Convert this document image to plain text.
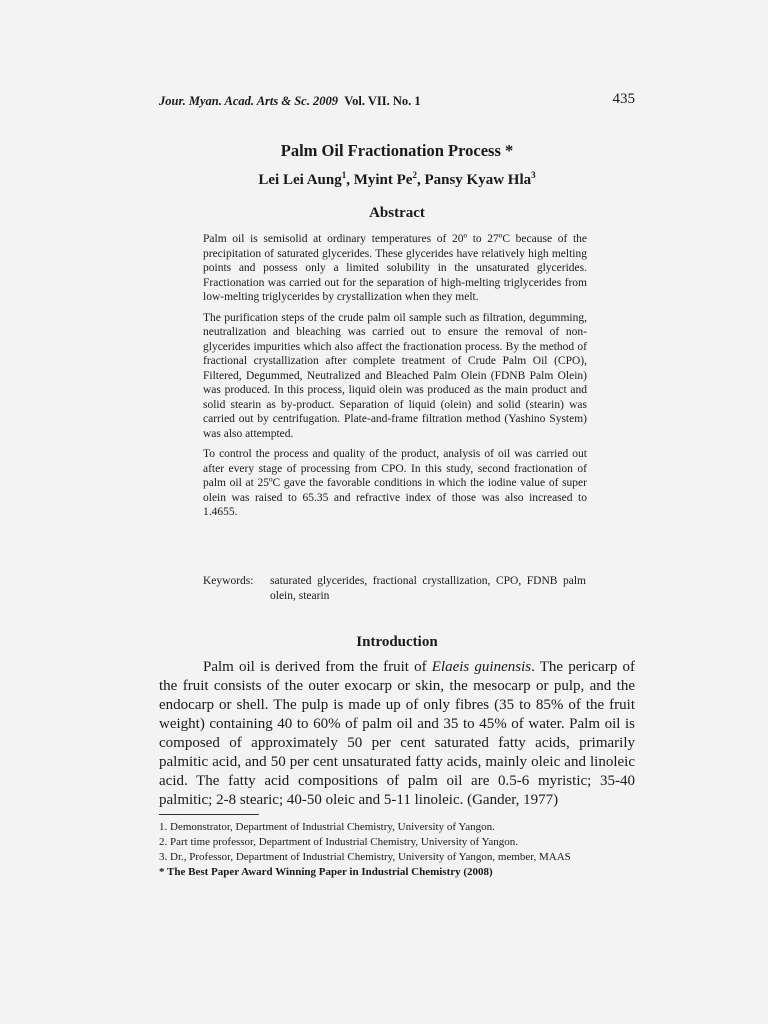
Jour. Myan. Acad. Arts & Sc. 2009 Vol. VII. No. 1	435
Palm Oil Fractionation Process *
Lei Lei Aung$^1$, Myint Pe$^2$, Pansy Kyaw Hla$^3$
Abstract

Palm oil is semisolid at ordinary temperatures of 20º to 27ºC because of the precipitation of saturated glycerides. These glycerides have relatively high melting points and possess only a limited solubility in the unsaturated glycerides. Fractionation was carried out for the separation of high-melting triglycerides from low-melting triglycerides by crystallization when they melt.

The purification steps of the crude palm oil sample such as filtration, degumming, neutralization and bleaching was carried out to ensure the removal of non-glycerides impurities which also affect the fractionation process. By the method of fractional crystallization after complete treatment of Crude Palm Oil (CPO), Filtered, Degummed, Neutralized and Bleached Palm Olein (FDNB Palm Olein) was produced. In this process, liquid olein was produced as the main product and solid stearin as by-product. Separation of liquid (olein) and solid (stearin) was carried out by centrifugation. Plate-and-frame filtration method (Yashino System) was also attempted.

To control the process and quality of the product, analysis of oil was carried out after every stage of processing from CPO. In this study, second fractionation of palm oil at 25ºC gave the favorable conditions in which the iodine value of super olein was raised to 65.35 and refractive index of those was also increased to 1.4655.

Keywords: saturated glycerides, fractional crystallization, CPO, FDNB palm olein, stearin
Introduction

Palm oil is derived from the fruit of Elaeis guinensis. The pericarp of the fruit consists of the outer exocarp or skin, the mesocarp or pulp, and the endocarp or shell. The pulp is made up of only fibres (35 to 85% of the fruit weight) containing 40 to 60% of palm oil and 35 to 45% of water. Palm oil is composed of approximately 50 per cent saturated fatty acids, primarily palmitic acid, and 50 per cent unsaturated fatty acids, mainly oleic and linoleic acid. The fatty acid compositions of palm oil are 0.5-6 myristic; 35-40 palmitic; 2-8 stearic; 40-50 oleic and 5-11 linoleic. (Gander, 1977)

1. Demonstrator, Department of Industrial Chemistry, University of Yangon.
2. Part time professor, Department of Industrial Chemistry, University of Yangon.
3. Dr., Professor, Department of Industrial Chemistry, University of Yangon, member, MAAS
* The Best Paper Award Winning Paper in Industrial Chemistry (2008)
